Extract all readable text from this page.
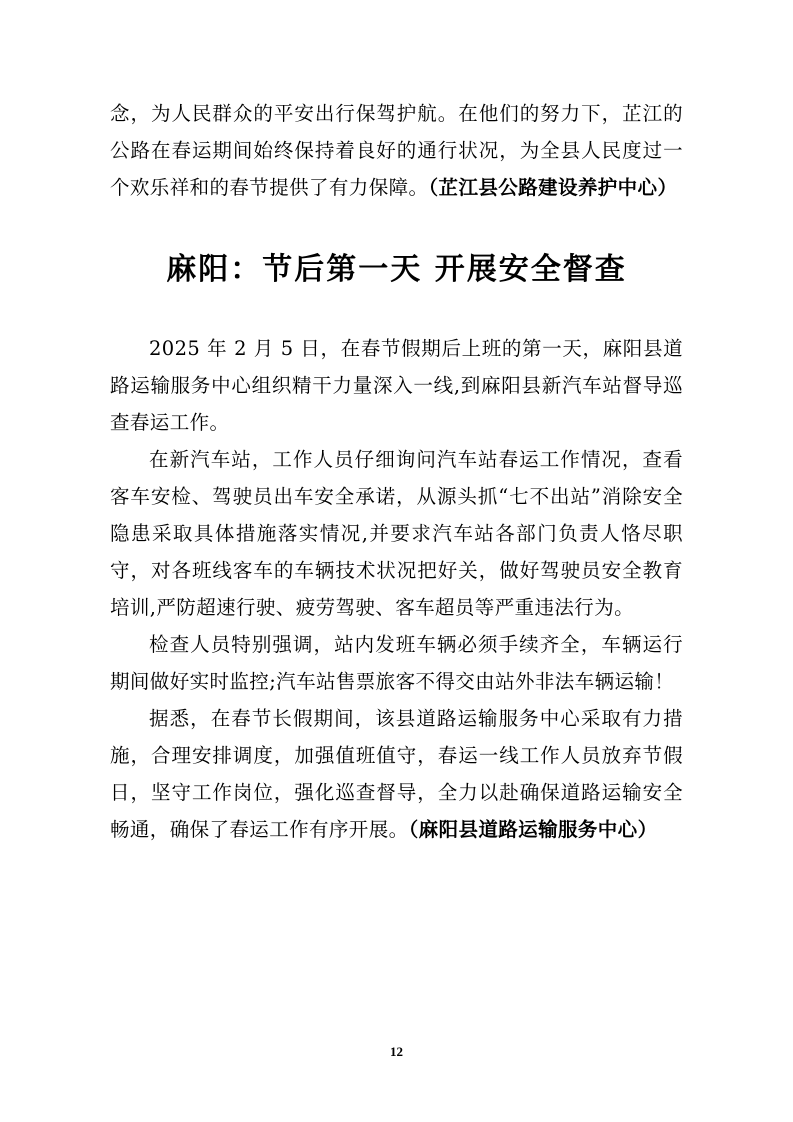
念，为人民群众的平安出行保驾护航。在他们的努力下，芷江的公路在春运期间始终保持着良好的通行状况，为全县人民度过一个欢乐祥和的春节提供了有力保障。（芷江县公路建设养护中心）

麻阳：节后第一天 开展安全督查

2025 年 2 月 5 日，在春节假期后上班的第一天，麻阳县道路运输服务中心组织精干力量深入一线,到麻阳县新汽车站督导巡查春运工作。

在新汽车站，工作人员仔细询问汽车站春运工作情况，查看客车安检、驾驶员出车安全承诺，从源头抓“七不出站”消除安全隐患采取具体措施落实情况,并要求汽车站各部门负责人恪尽职守，对各班线客车的车辆技术状况把好关，做好驾驶员安全教育培训,严防超速行驶、疲劳驾驶、客车超员等严重违法行为。

检查人员特别强调，站内发班车辆必须手续齐全，车辆运行期间做好实时监控;汽车站售票旅客不得交由站外非法车辆运输！

据悉，在春节长假期间，该县道路运输服务中心采取有力措施，合理安排调度，加强值班值守，春运一线工作人员放弃节假日，坚守工作岗位，强化巡查督导，全力以赴确保道路运输安全畅通，确保了春运工作有序开展。（麻阳县道路运输服务中心）

12
